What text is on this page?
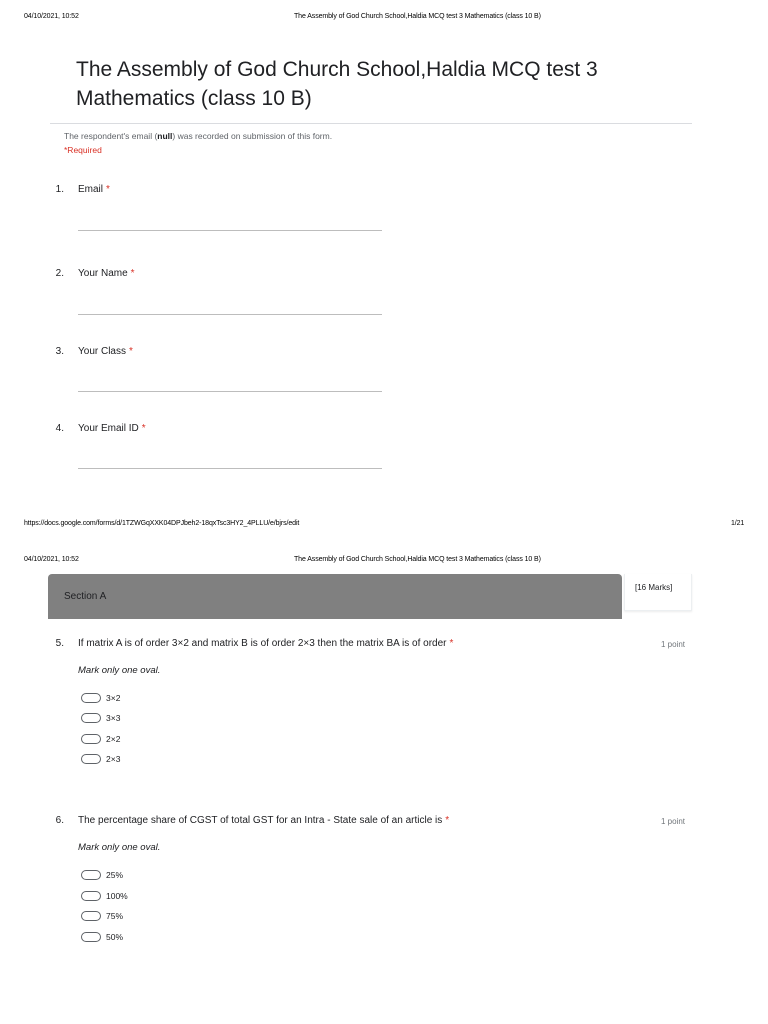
04/10/2021, 10:52	The Assembly of God Church School,Haldia MCQ test 3 Mathematics (class 10 B)
The Assembly of God Church School,Haldia MCQ test 3
Mathematics (class 10 B)
The respondent's email (null) was recorded on submission of this form.
*Required
1. Email *
2. Your Name *
3. Your Class *
4. Your Email ID *
https://docs.google.com/forms/d/1TZWGqXXK04DPJbeh2-18qxTsc3HY2_4PLLU/e/bjrs/edit	1/21
04/10/2021, 10:52	The Assembly of God Church School,Haldia MCQ test 3 Mathematics (class 10 B)
Section A
[16 Marks]
5. If matrix A is of order 3×2 and matrix B is of order 2×3 then the matrix BA is of order *	1 point
Mark only one oval.
3×2
3×3
2×2
2×3
6. The percentage share of CGST of total GST for an Intra - State sale of an article is *	1 point
Mark only one oval.
25%
100%
75%
50%
